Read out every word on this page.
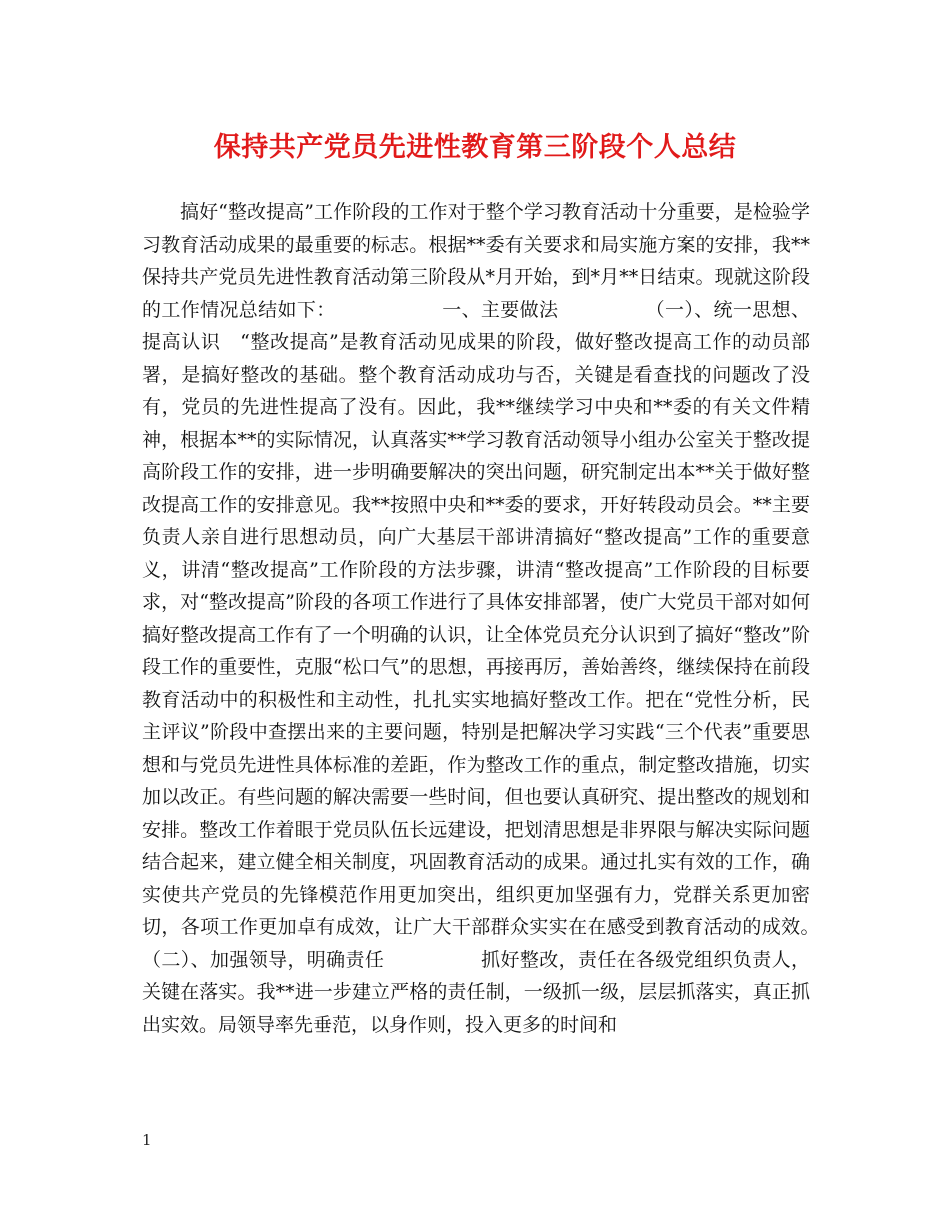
保持共产党员先进性教育第三阶段个人总结

搞好“整改提高”工作阶段的工作对于整个学习教育活动十分重要，是检验学习教育活动成果的最重要的标志。根据**委有关要求和局实施方案的安排，我**保持共产党员先进性教育活动第三阶段从*月开始，到*月**日结束。现就这阶段的工作情况总结如下：　　　　　　一、主要做法　　　　　（一）、统一思想、提高认识　“整改提高”是教育活动见成果的阶段，做好整改提高工作的动员部署，是搞好整改的基础。整个教育活动成功与否，关键是看查找的问题改了没有，党员的先进性提高了没有。因此，我**继续学习中央和**委的有关文件精神，根据本**的实际情况，认真落实**学习教育活动领导小组办公室关于整改提高阶段工作的安排，进一步明确要解决的突出问题，研究制定出本**关于做好整改提高工作的安排意见。我**按照中央和**委的要求，开好转段动员会。**主要负责人亲自进行思想动员，向广大基层干部讲清搞好“整改提高”工作的重要意义，讲清“整改提高”工作阶段的方法步骤，讲清“整改提高”工作阶段的目标要求，对“整改提高”阶段的各项工作进行了具体安排部署，使广大党员干部对如何搞好整改提高工作有了一个明确的认识，让全体党员充分认识到了搞好“整改”阶段工作的重要性，克服“松口气”的思想，再接再厉，善始善终，继续保持在前段教育活动中的积极性和主动性，扎扎实实地搞好整改工作。把在“党性分析，民主评议”阶段中查摆出来的主要问题，特别是把解决学习实践“三个代表”重要思想和与党员先进性具体标准的差距，作为整改工作的重点，制定整改措施，切实加以改正。有些问题的解决需要一些时间，但也要认真研究、提出整改的规划和安排。整改工作着眼于党员队伍长远建设，把划清思想是非界限与解决实际问题结合起来，建立健全相关制度，巩固教育活动的成果。通过扎实有效的工作，确实使共产党员的先锋模范作用更加突出，组织更加坚强有力，党群关系更加密切，各项工作更加卓有成效，让广大干部群众实实在在感受到教育活动的成效。　　　　　　（二）、加强领导，明确责任　　　　　抓好整改，责任在各级党组织负责人，关键在落实。我**进一步建立严格的责任制，一级抓一级，层层抓落实，真正抓出实效。局领导率先垂范，以身作则，投入更多的时间和

1
